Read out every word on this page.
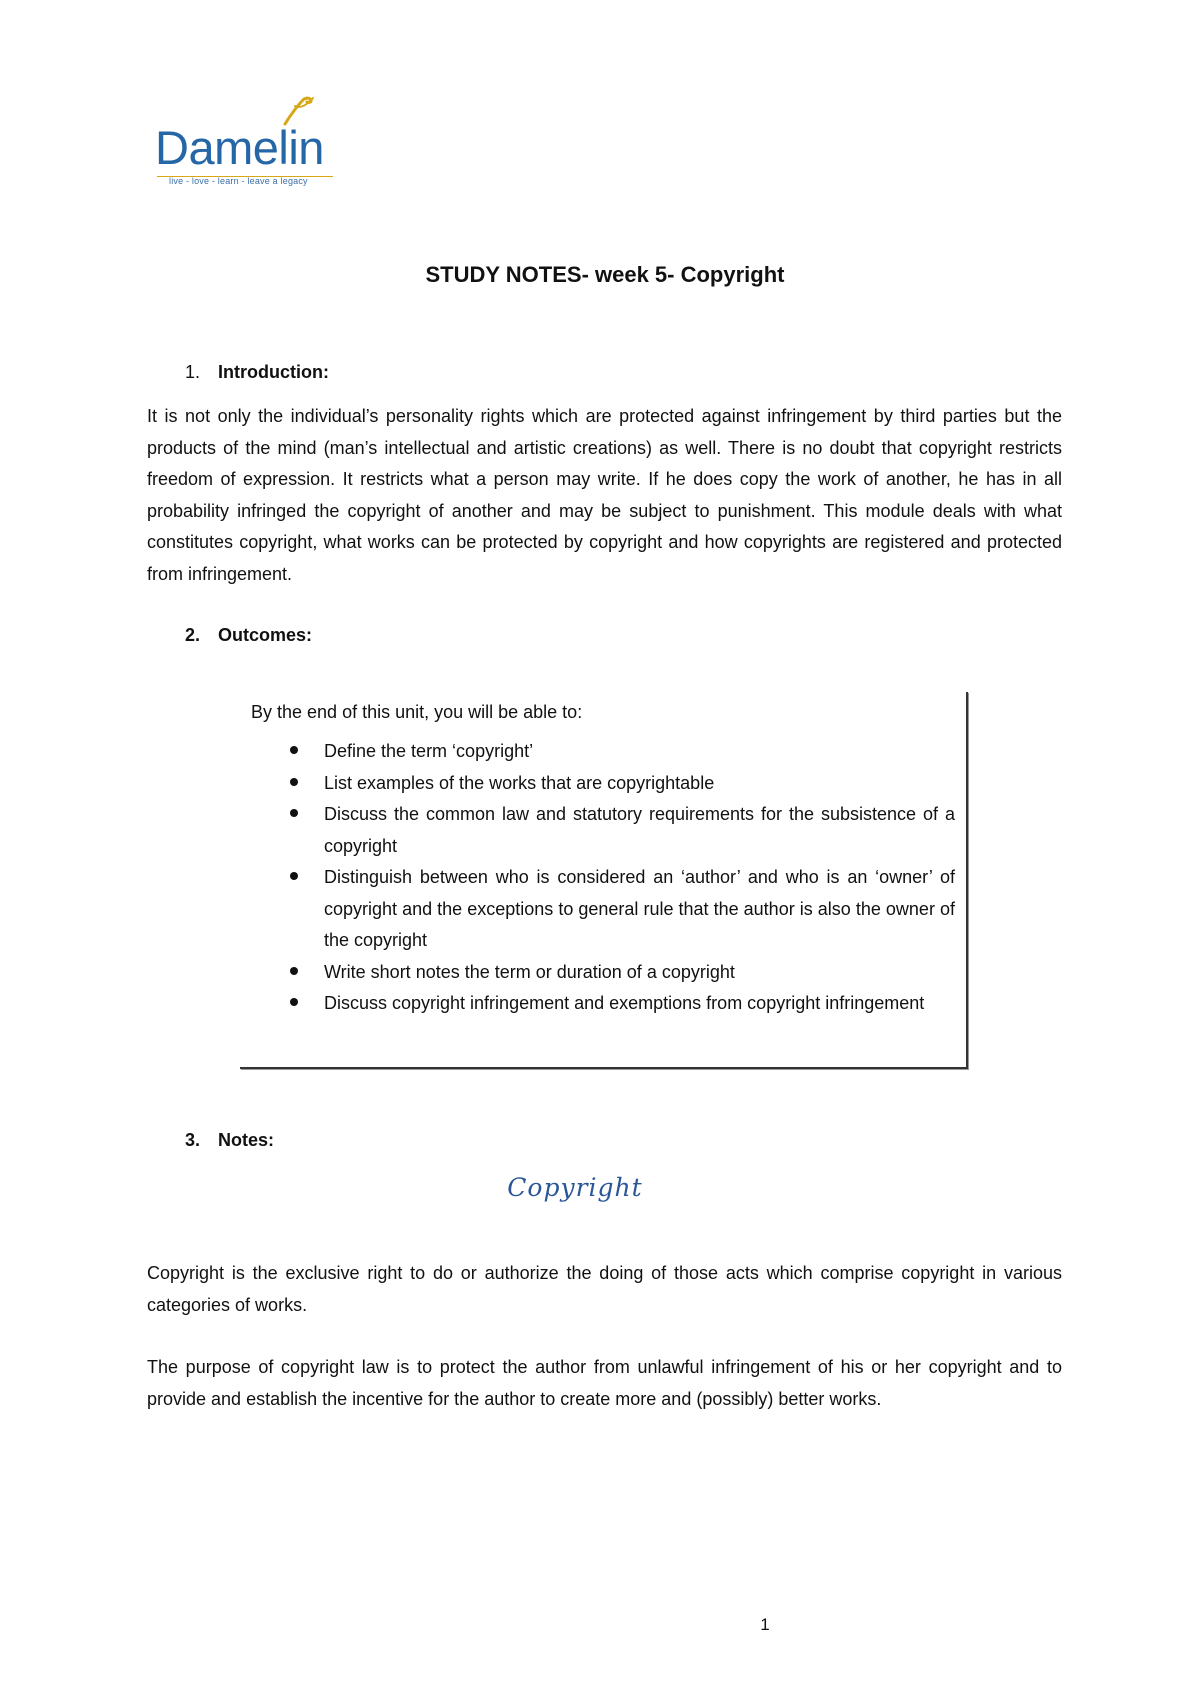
Damelin
live - love - learn - leave a legacy
STUDY NOTES- week 5- Copyright
1. Introduction:

It is not only the individual’s personality rights which are protected against infringement by third parties but the products of the mind (man’s intellectual and artistic creations) as well. There is no doubt that copyright restricts freedom of expression. It restricts what a person may write. If he does copy the work of another, he has in all probability infringed the copyright of another and may be subject to punishment. This module deals with what constitutes copyright, what works can be protected by copyright and how copyrights are registered and protected from infringement.

2. Outcomes:
By the end of this unit, you will be able to:
Define the term ‘copyright’
List examples of the works that are copyrightable
Discuss the common law and statutory requirements for the subsistence of a copyright
Distinguish between who is considered an ‘author’ and who is an ‘owner’ of copyright and the exceptions to general rule that the author is also the owner of the copyright
Write short notes the term or duration of a copyright
Discuss copyright infringement and exemptions from copyright infringement
3. Notes:
Copyright

Copyright is the exclusive right to do or authorize the doing of those acts which comprise copyright in various categories of works.

The purpose of copyright law is to protect the author from unlawful infringement of his or her copyright and to provide and establish the incentive for the author to create more and (possibly) better works.

1
